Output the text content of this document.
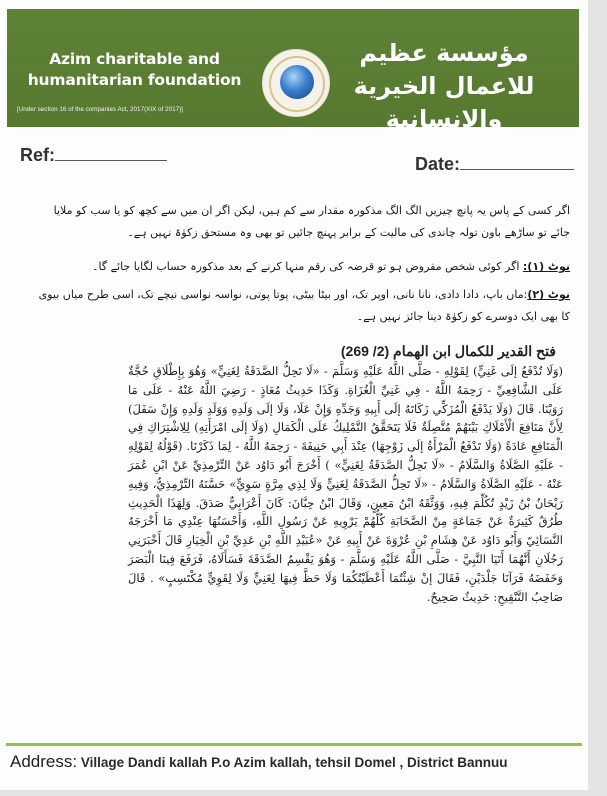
Azim charitable and humanitarian foundation
[Under section 16 of the companies Act, 2017(XIX of 2017)]
مؤسسة عظيم للاعمال الخيرية والانسانية
Ref:	Date:
اگر کسی کے پاس یہ پانچ چیزیں الگ الگ مذکورہ مقدار سے کم ہیں، لیکن اگر ان میں سے کچھ کو یا سب کو ملایا جائے تو ساڑھے باون تولہ چاندی کی مالیت کے برابر پہنچ جائیں تو بھی وہ مستحق زکوٰۃ نہیں ہے۔
نوٹ (۱): اگر کوئی شخص مقروض ہو تو قرضہ کی رقم منہا کرنے کے بعد مذکورہ حساب لگایا جائے گا۔
نوٹ (۲):ماں باپ، دادا دادی، نانا نانی، اوپر تک، اور بیٹا بیٹی، پوتا پوتی، نواسہ نواسی نیچے تک، اسی طرح میاں بیوی کا بھی ایک دوسرے کو زکوٰۃ دینا جائز نہیں ہے۔
فتح القدير للكمال ابن الهمام (2/ 269)
(وَلَا تُدْفَعُ إلَى غَنِيٍّ) لِقَوْلِهِ - صَلَّى اللَّهُ عَلَيْهِ وَسَلَّمَ - «لَا تَحِلُّ الصَّدَقَةُ لِغَنِيٍّ» وَهُوَ بِإِطْلَاقِ حُجَّةٌ عَلَى الشَّافِعِيِّ - رَحِمَهُ اللَّهُ - فِي غَنِيِّ الْغُزَاةِ. وَكَذَا حَدِيثُ مُعَاذٍ - رَضِيَ اللَّهُ عَنْهُ - عَلَى مَا رَوَيْنَا. قَالَ (وَلَا يَدْفَعُ الْمُزَكِّي زَكَاتَهُ إلَى أَبِيهِ وَجَدِّهِ وَإِنْ عَلَا، وَلَا إلَى وَلَدِهِ وَوَلَدِ وَلَدِهِ وَإِنْ سَفَلَ) لِأَنَّ مَنَافِعَ الْأَمْلَاكِ بَيْنَهُمْ مُتَّصِلَةٌ فَلَا يَتَحَقَّقُ التَّمْلِيكُ عَلَى الْكَمَالِ (وَلَا إلَى امْرَأَتِهِ) لِلِاشْتِرَاكِ فِي الْمَنَافِعِ عَادَةً (وَلَا تَدْفَعُ الْمَرْأَةُ إلَى زَوْجِهَا) عِنْدَ أَبِي حَنِيفَةَ - رَحِمَهُ اللَّهُ - لِمَا ذَكَرْنَا. (قَوْلُهُ لِقَوْلِهِ - عَلَيْهِ الصَّلَاةُ وَالسَّلَامُ - «لَا تَحِلُّ الصَّدَقَةُ لِغَنِيٍّ» ) أَخْرَجَ أَبُو دَاوُد عَنْ التِّرْمِذِيِّ عَنْ ابْنِ عُمَرَ عَنْهُ - عَلَيْهِ الصَّلَاةُ وَالسَّلَامُ - «لَا تَحِلُّ الصَّدَقَةُ لِغَنِيٍّ وَلَا لِذِي مِرَّةٍ سَوِيٍّ» حَسَّنَهُ التِّرْمِذِيُّ، وَفِيهِ رَيْحَانُ بْنُ زَيْدٍ تُكُلِّمَ فِيهِ، وَوَثَّقَهُ ابْنُ مَعِينٍ، وَقَالَ ابْنُ حِبَّانَ: كَانَ أَعْرَابِيٌّ صَدَقَ. وَلِهَذَا الْحَدِيثِ طُرُقٌ كَثِيرَةٌ عَنْ جَمَاعَةٍ مِنْ الصَّحَابَةِ كُلُّهُمْ يَرْوِيهِ عَنْ رَسُولِ اللَّهِ، وَأَحْسَنُهَا عِنْدِي مَا أَخْرَجَهُ النَّسَائِيّ وَأَبُو دَاوُد عَنْ هِشَامِ بْنِ عُرْوَةَ عَنْ أَبِيهِ عَنْ «عُبَيْدِ اللَّهِ بْنِ عَدِيِّ بْنِ الْخِيَارِ قَالَ أَخْبَرَنِي رَجُلَانِ أَنَّهُمَا أَتَيَا النَّبِيَّ - صَلَّى اللَّهُ عَلَيْهِ وَسَلَّمَ - وَهُوَ يَقْسِمُ الصَّدَقَةَ فَسَأَلَاهُ، فَرَفَعَ فِينَا الْبَصَرَ وَخَفَضَهُ فَرَآنَا جَلْدَيْنِ، فَقَالَ إنْ شِئْتُمَا أَعْطَيْتُكُمَا وَلَا حَظَّ فِيهَا لِغَنِيٍّ وَلَا لِقَوِيٍّ مُكْتَسِبٍ» . قَالَ صَاحِبُ التَّنْقِيحِ: حَدِيثٌ صَحِيحٌ.
Address: Village Dandi kallah P.o Azim kallah, tehsil Domel , District Bannuu
